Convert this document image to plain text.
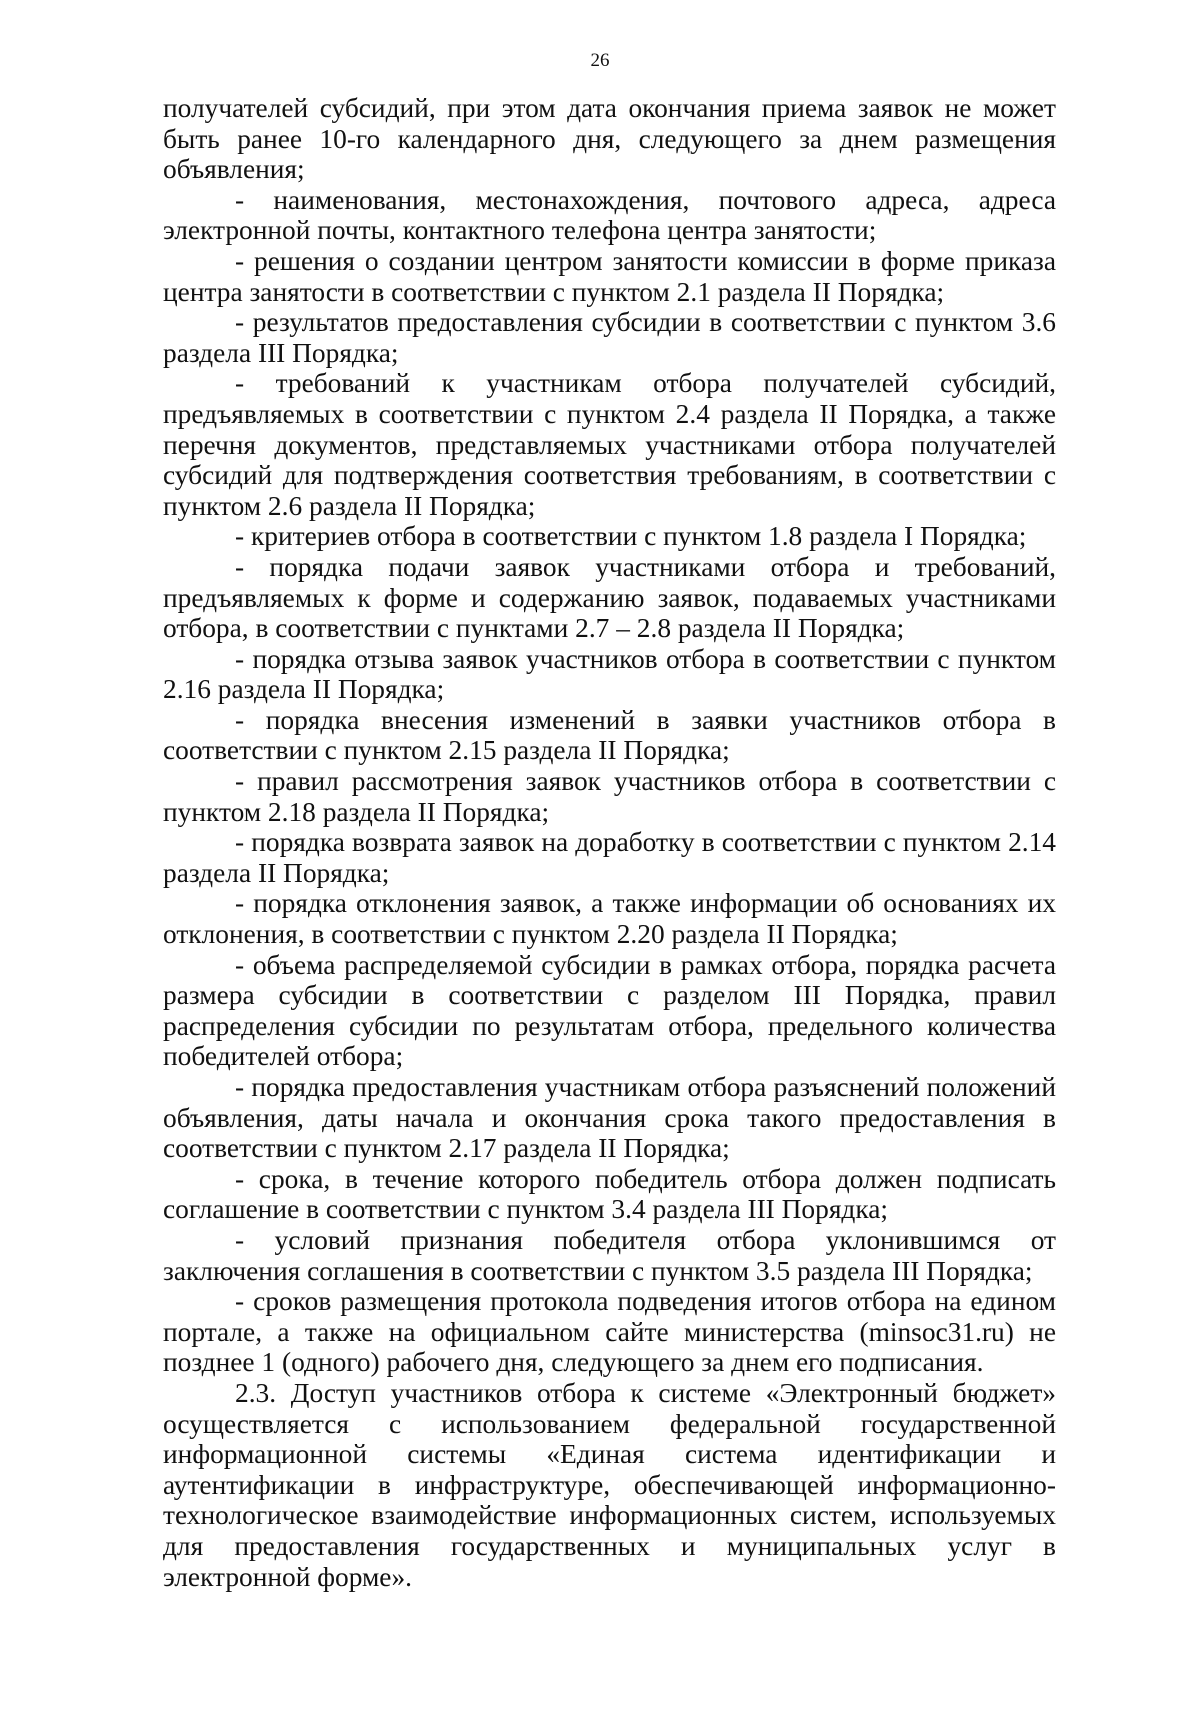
26

получателей субсидий, при этом дата окончания приема заявок не может быть ранее 10-го календарного дня, следующего за днем размещения объявления;

- наименования, местонахождения, почтового адреса, адреса электронной почты, контактного телефона центра занятости;

- решения о создании центром занятости комиссии в форме приказа центра занятости в соответствии с пунктом 2.1 раздела II Порядка;

- результатов предоставления субсидии в соответствии с пунктом 3.6 раздела III Порядка;

- требований к участникам отбора получателей субсидий, предъявляемых в соответствии с пунктом 2.4 раздела II Порядка, а также перечня документов, представляемых участниками отбора получателей субсидий для подтверждения соответствия требованиям, в соответствии с пунктом 2.6 раздела II Порядка;

- критериев отбора в соответствии с пунктом 1.8 раздела I Порядка;

- порядка подачи заявок участниками отбора и требований, предъявляемых к форме и содержанию заявок, подаваемых участниками отбора, в соответствии с пунктами 2.7 – 2.8 раздела II Порядка;

- порядка отзыва заявок участников отбора в соответствии с пунктом 2.16 раздела II Порядка;

- порядка внесения изменений в заявки участников отбора в соответствии с пунктом 2.15 раздела II Порядка;

- правил рассмотрения заявок участников отбора в соответствии с пунктом 2.18 раздела II Порядка;

- порядка возврата заявок на доработку в соответствии с пунктом 2.14 раздела II Порядка;

- порядка отклонения заявок, а также информации об основаниях их отклонения, в соответствии с пунктом 2.20 раздела II Порядка;

- объема распределяемой субсидии в рамках отбора, порядка расчета размера субсидии в соответствии с разделом III Порядка, правил распределения субсидии по результатам отбора, предельного количества победителей отбора;

- порядка предоставления участникам отбора разъяснений положений объявления, даты начала и окончания срока такого предоставления в соответствии с пунктом 2.17 раздела II Порядка;

- срока, в течение которого победитель отбора должен подписать соглашение в соответствии с пунктом 3.4 раздела III Порядка;

- условий признания победителя отбора уклонившимся от заключения соглашения в соответствии с пунктом 3.5 раздела III Порядка;

- сроков размещения протокола подведения итогов отбора на едином портале, а также на официальном сайте министерства (minsoc31.ru) не позднее 1 (одного) рабочего дня, следующего за днем его подписания.

2.3. Доступ участников отбора к системе «Электронный бюджет» осуществляется с использованием федеральной государственной информационной системы «Единая система идентификации и аутентификации в инфраструктуре, обеспечивающей информационно-технологическое взаимодействие информационных систем, используемых для предоставления государственных и муниципальных услуг в электронной форме».
